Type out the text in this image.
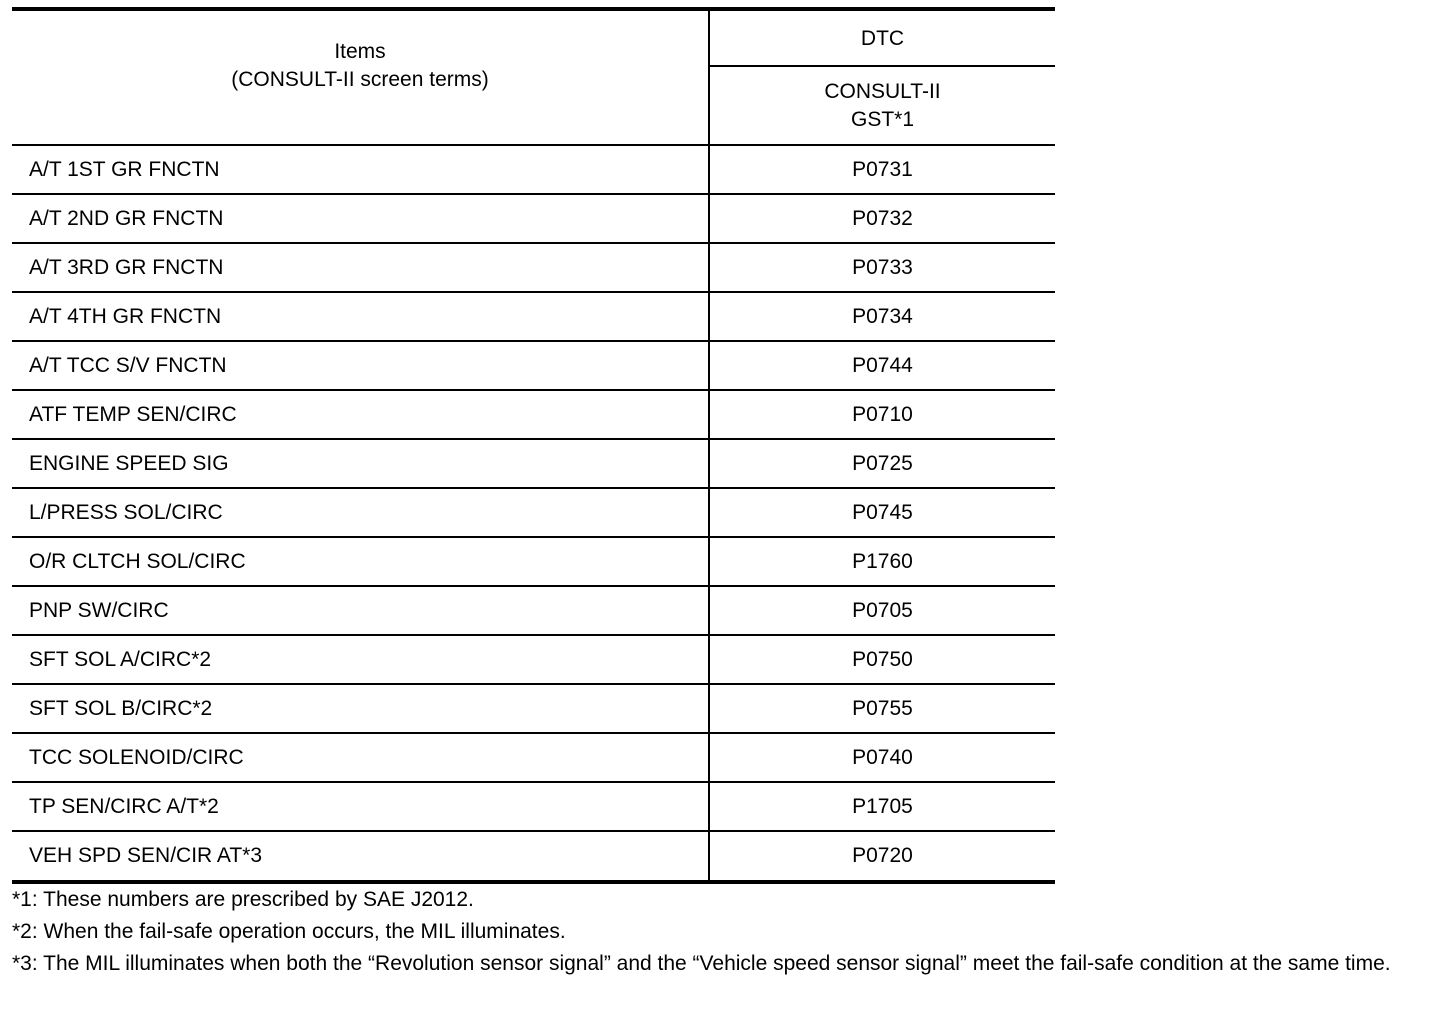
Items
(CONSULT-II screen terms)	DTC
	CONSULT-II
GST*1
A/T 1ST GR FNCTN	P0731
A/T 2ND GR FNCTN	P0732
A/T 3RD GR FNCTN	P0733
A/T 4TH GR FNCTN	P0734
A/T TCC S/V FNCTN	P0744
ATF TEMP SEN/CIRC	P0710
ENGINE SPEED SIG	P0725
L/PRESS SOL/CIRC	P0745
O/R CLTCH SOL/CIRC	P1760
PNP SW/CIRC	P0705
SFT SOL A/CIRC*2	P0750
SFT SOL B/CIRC*2	P0755
TCC SOLENOID/CIRC	P0740
TP SEN/CIRC A/T*2	P1705
VEH SPD SEN/CIR AT*3	P0720

*1: These numbers are prescribed by SAE J2012.

*2: When the fail-safe operation occurs, the MIL illuminates.

*3: The MIL illuminates when both the “Revolution sensor signal” and the “Vehicle speed sensor signal” meet the fail-safe condition at the same time.
